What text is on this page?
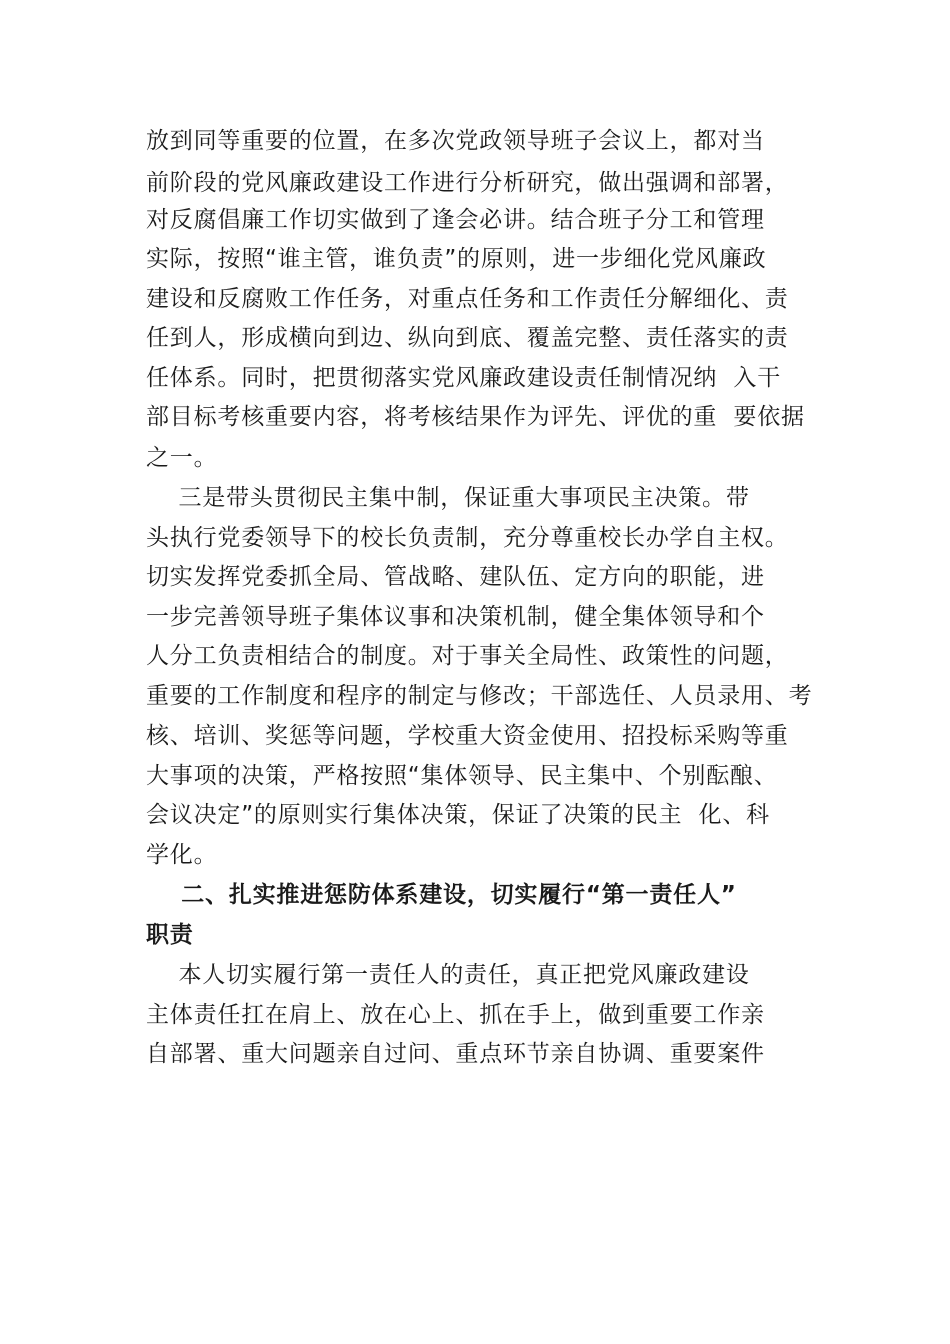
放到同等重要的位置，在多次党政领导班子会议上，都对当
前阶段的党风廉政建设工作进行分析研究，做出强调和部署，
对反腐倡廉工作切实做到了逢会必讲。结合班子分工和管理
实际，按照“谁主管，谁负责”的原则，进一步细化党风廉政
建设和反腐败工作任务，对重点任务和工作责任分解细化、责
任到人，形成横向到边、纵向到底、覆盖完整、责任落实的责
任体系。同时，把贯彻落实党风廉政建设责任制情况纳  入干
部目标考核重要内容，将考核结果作为评先、评优的重  要依据
之一。
三是带头贯彻民主集中制，保证重大事项民主决策。带
头执行党委领导下的校长负责制，充分尊重校长办学自主权。
切实发挥党委抓全局、管战略、建队伍、定方向的职能，进
一步完善领导班子集体议事和决策机制，健全集体领导和个
人分工负责相结合的制度。对于事关全局性、政策性的问题，
重要的工作制度和程序的制定与修改；干部选任、人员录用、考
核、培训、奖惩等问题，学校重大资金使用、招投标采购等重
大事项的决策，严格按照“集体领导、民主集中、个别酝酿、
会议决定”的原则实行集体决策，保证了决策的民主  化、科
学化。
二、扎实推进惩防体系建设，切实履行“第一责任人”
职责
本人切实履行第一责任人的责任，真正把党风廉政建设
主体责任扛在肩上、放在心上、抓在手上，做到重要工作亲
自部署、重大问题亲自过问、重点环节亲自协调、重要案件
